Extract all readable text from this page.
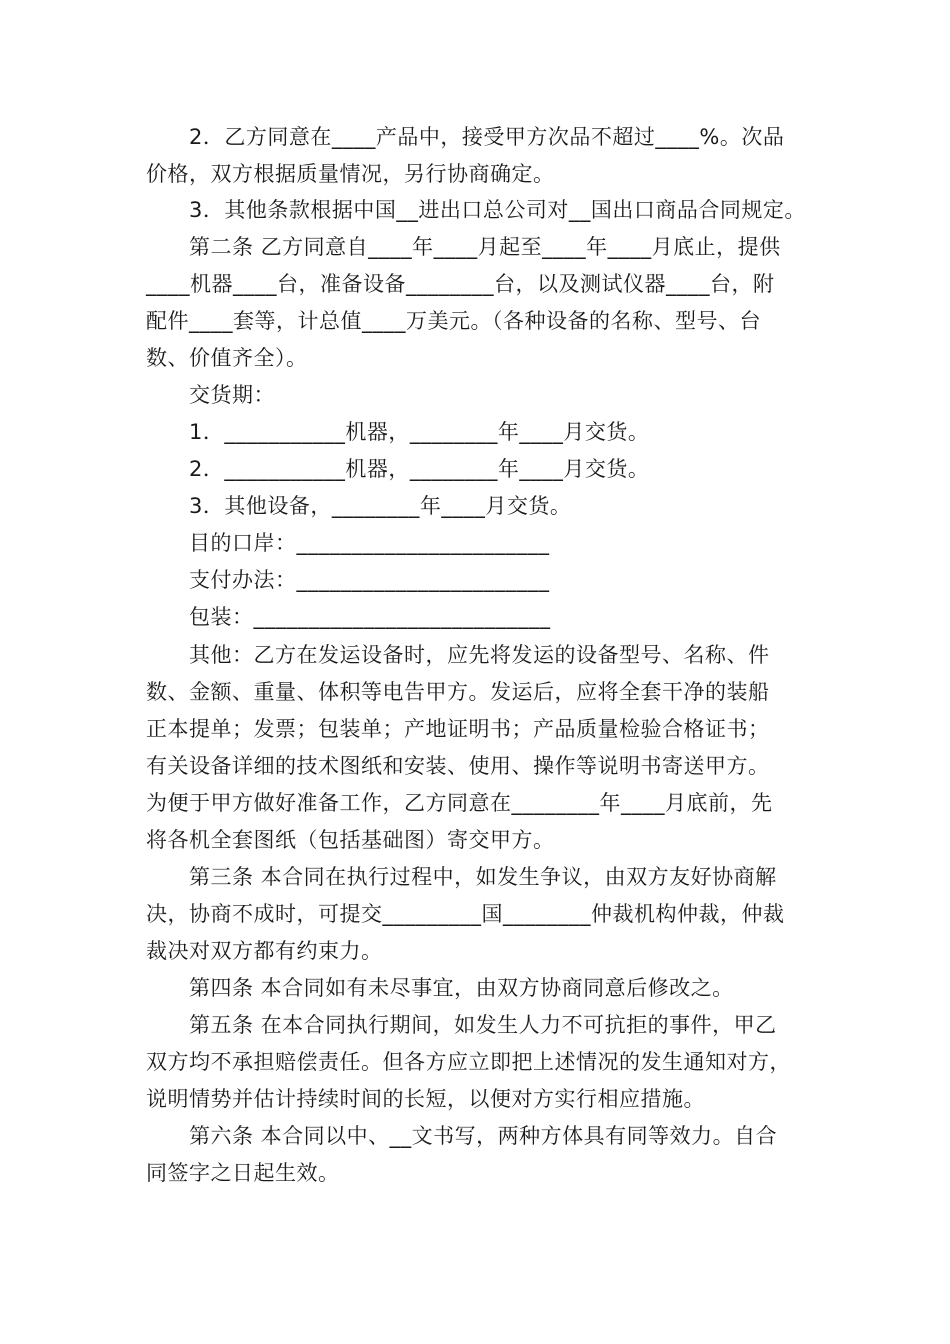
2．乙方同意在____产品中，接受甲方次品不超过____%。次品
价格，双方根据质量情况，另行协商确定。
3．其他条款根据中国__进出口总公司对__国出口商品合同规定。
第二条 乙方同意自____年____月起至____年____月底止，提供
____机器____台，准备设备________台，以及测试仪器____台，附
配件____套等，计总值____万美元。（各种设备的名称、型号、台
数、价值齐全）。
交货期：
1．___________机器，________年____月交货。
2．___________机器，________年____月交货。
3．其他设备，________年____月交货。
目的口岸：_______________________
支付办法：_______________________
包装：___________________________
其他：乙方在发运设备时，应先将发运的设备型号、名称、件
数、金额、重量、体积等电告甲方。发运后，应将全套干净的装船
正本提单；发票；包装单；产地证明书；产品质量检验合格证书；
有关设备详细的技术图纸和安装、使用、操作等说明书寄送甲方。
为便于甲方做好准备工作，乙方同意在________年____月底前，先
将各机全套图纸（包括基础图）寄交甲方。
第三条 本合同在执行过程中，如发生争议，由双方友好协商解
决，协商不成时，可提交_________国________仲裁机构仲裁，仲裁
裁决对双方都有约束力。
第四条 本合同如有未尽事宜，由双方协商同意后修改之。
第五条 在本合同执行期间，如发生人力不可抗拒的事件，甲乙
双方均不承担赔偿责任。但各方应立即把上述情况的发生通知对方，
说明情势并估计持续时间的长短，以便对方实行相应措施。
第六条 本合同以中、__文书写，两种方体具有同等效力。自合
同签字之日起生效。
